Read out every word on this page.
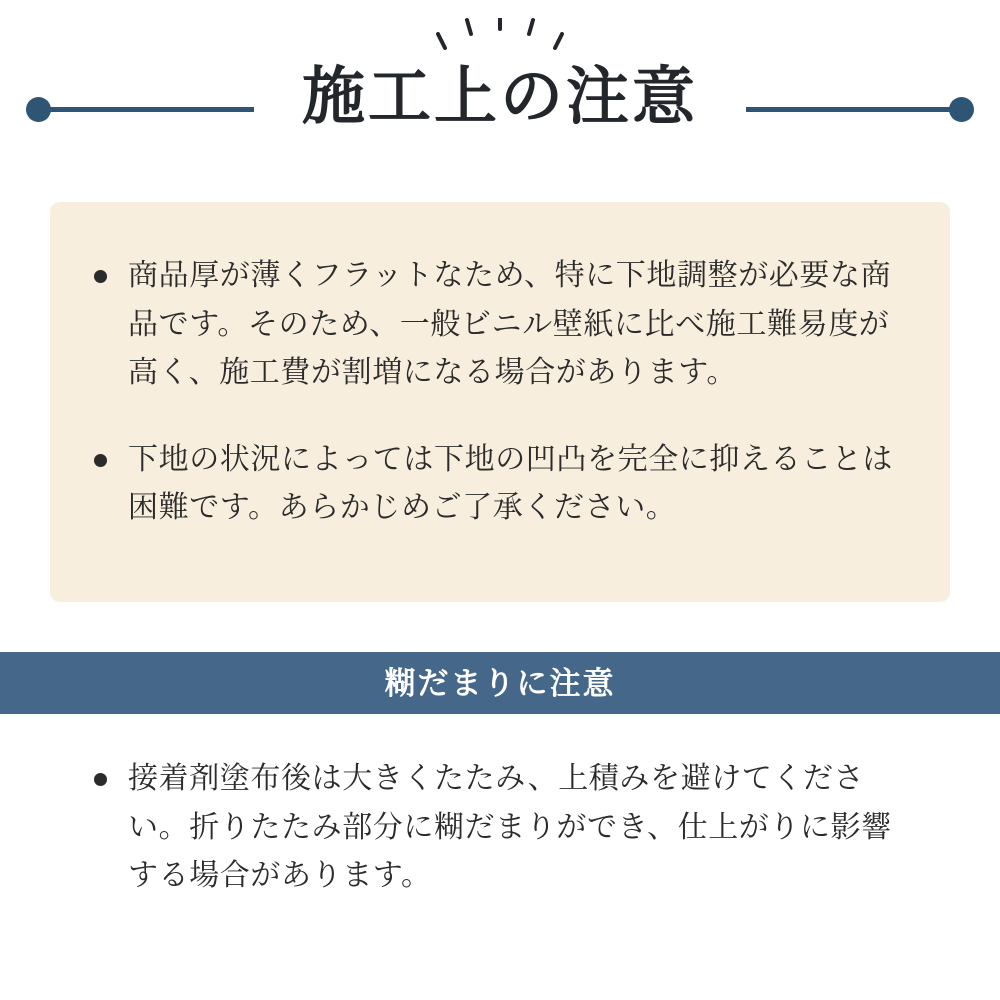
施工上の注意
商品厚が薄くフラットなため、特に下地調整が必要な商品です。そのため、一般ビニル壁紙に比べ施工難易度が高く、施工費が割増になる場合があります。
下地の状況によっては下地の凹凸を完全に抑えることは困難です。あらかじめご了承ください。
糊だまりに注意
接着剤塗布後は大きくたたみ、上積みを避けてください。折りたたみ部分に糊だまりができ、仕上がりに影響する場合があります。
